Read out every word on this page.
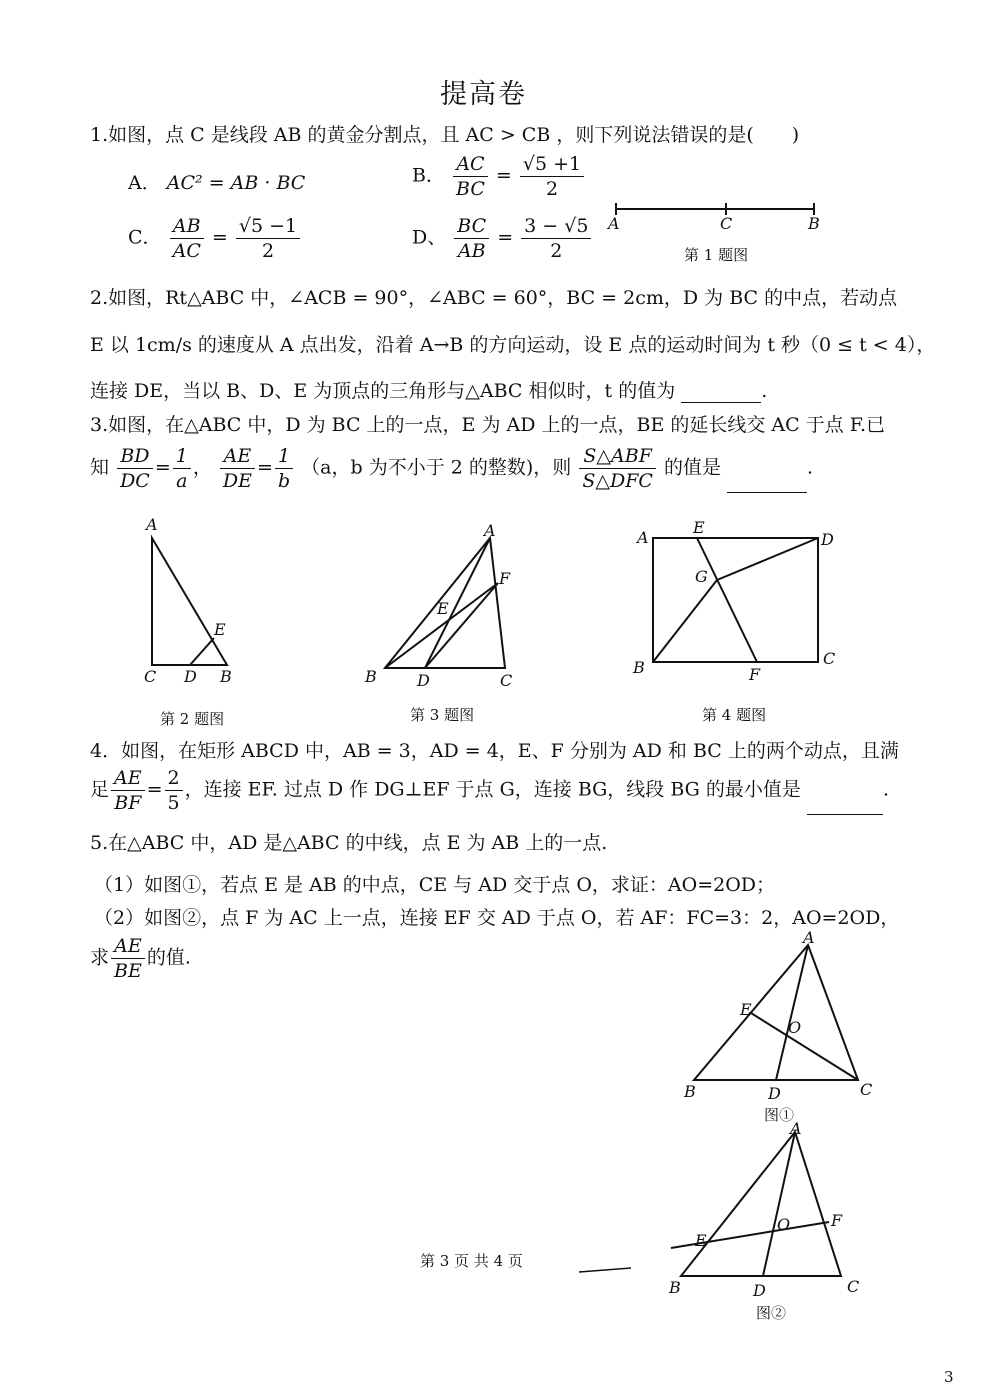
提高卷
1.如图，点 C 是线段 AB 的黄金分割点，且 AC > CB ，则下列说法错误的是(　　)
A． AC² = AB · BC	B． $\frac{AC}{BC} = \frac{√5 +1}{2}$
C． $\frac{AB}{AC} = \frac{√5 -1}{2}$	D、 $\frac{BC}{AB} = \frac{3 - √5}{2}$ A	C	B
第 1 题图
2.如图，Rt△ABC 中，∠ACB = 90°，∠ABC = 60°，BC = 2cm，D 为 BC 的中点，若动点
E 以 1cm/s 的速度从 A 点出发，沿着 A→B 的方向运动，设 E 点的运动时间为 t 秒（0 ≤ t < 4），
连接 DE，当以 B、D、E 为顶点的三角形与△ABC 相似时，t 的值为	.
3.如图，在△ABC 中，D 为 BC 上的一点，E 为 AD 上的一点，BE 的延长线交 AC 于点 F.已
知 $\frac{BD}{DC} = \frac{1}{a}$ ， $\frac{AE}{DE} = \frac{1}{b} (a$，b 为不小于 2 的整数)，则 $\frac{\text{S△ABF}}{\text{S△DFC}}$ 的值是	.
A
E
C D B
第 2 题图
A
F
E
B	D	C
第 3 题图
A
E
D
G
B	F
C
第 4 题图
4．如图，在矩形 ABCD 中，AB = 3，AD = 4，E、F 分别为 AD 和 BC 上的两个动点，且满
足 $\frac{AE}{BF} = \frac{2}{5}$ ，连接 EF. 过点 D 作 DG⊥EF 于点 G，连接 BG，线段 BG 的最小值是	.
5.在△ABC 中，AD 是△ABC 的中线，点 E 为 AB 上的一点.
（1）如图①，若点 E 是 AB 的中点，CE 与 AD 交于点 O，求证：AO=2OD；
（2）如图②，点 F 为 AC 上一点，连接 EF 交 AD 于点 O，若 AF：FC=3：2，AO=2OD，
求 $\frac{AE}{BE}$ 的值.
A
E
O
B	D	C
图①
A
O	F
E
B	D	C
图②
第 3 页 共 4 页
3
